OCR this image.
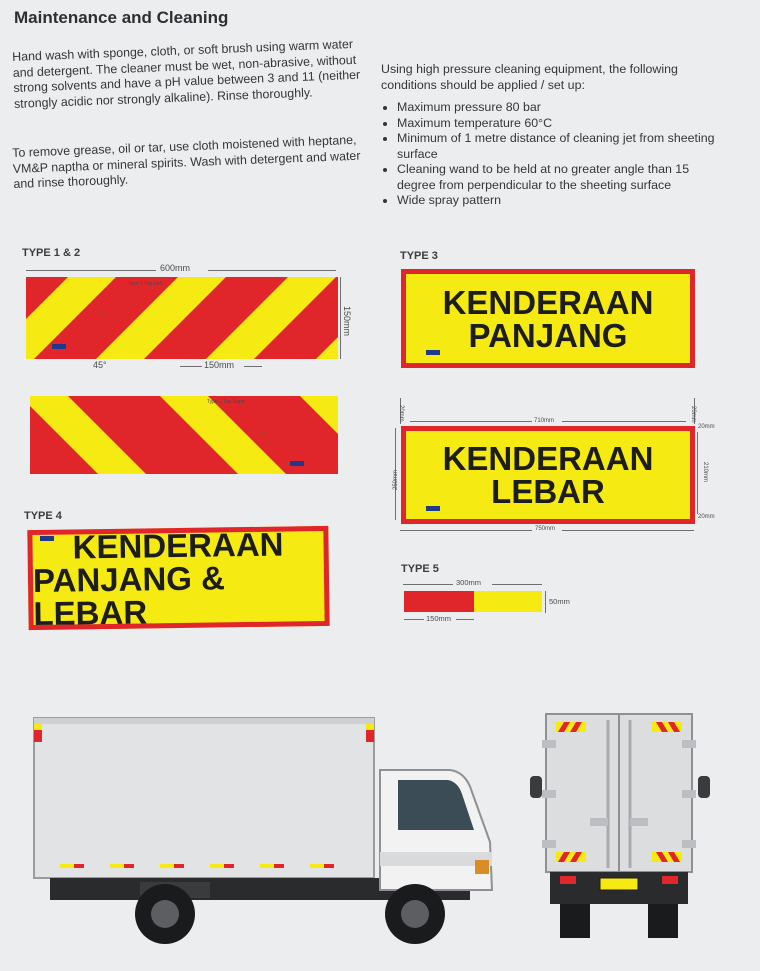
Maintenance and Cleaning

Hand wash with sponge, cloth, or soft brush using warm water and detergent. The cleaner must be wet, non-abrasive, without strong solvents and have a pH value between 3 and 11 (neither strongly acidic nor strongly alkaline). Rinse thoroughly.

To remove grease, oil or tar, use cloth moistened with heptane, VM&P naptha or mineral spirits. Wash with detergent and water and rinse thoroughly.

Using high pressure cleaning equipment, the following conditions should be applied / set up:

• Maximum pressure 80 bar
• Maximum temperature 60°C
• Minimum of 1 metre distance of cleaning jet from sheeting surface
• Cleaning wand to be held at no greater angle than 15 degree from perpendicular to the sheeting surface
• Wide spray pattern
TYPE 1 & 2
600mm
Type 1 Top Left
3M	150mm
45°	150mm
Type 2 Top Right
3M
TYPE 3
KENDERAAN
PANJANG
20mm	710mm	20mm
20mm
210mm
20mm
250mm
KENDERAAN
LEBAR
750mm
TYPE 4
KENDERAAN
PANJANG & LEBAR
TYPE 5
300mm
50mm
150mm
